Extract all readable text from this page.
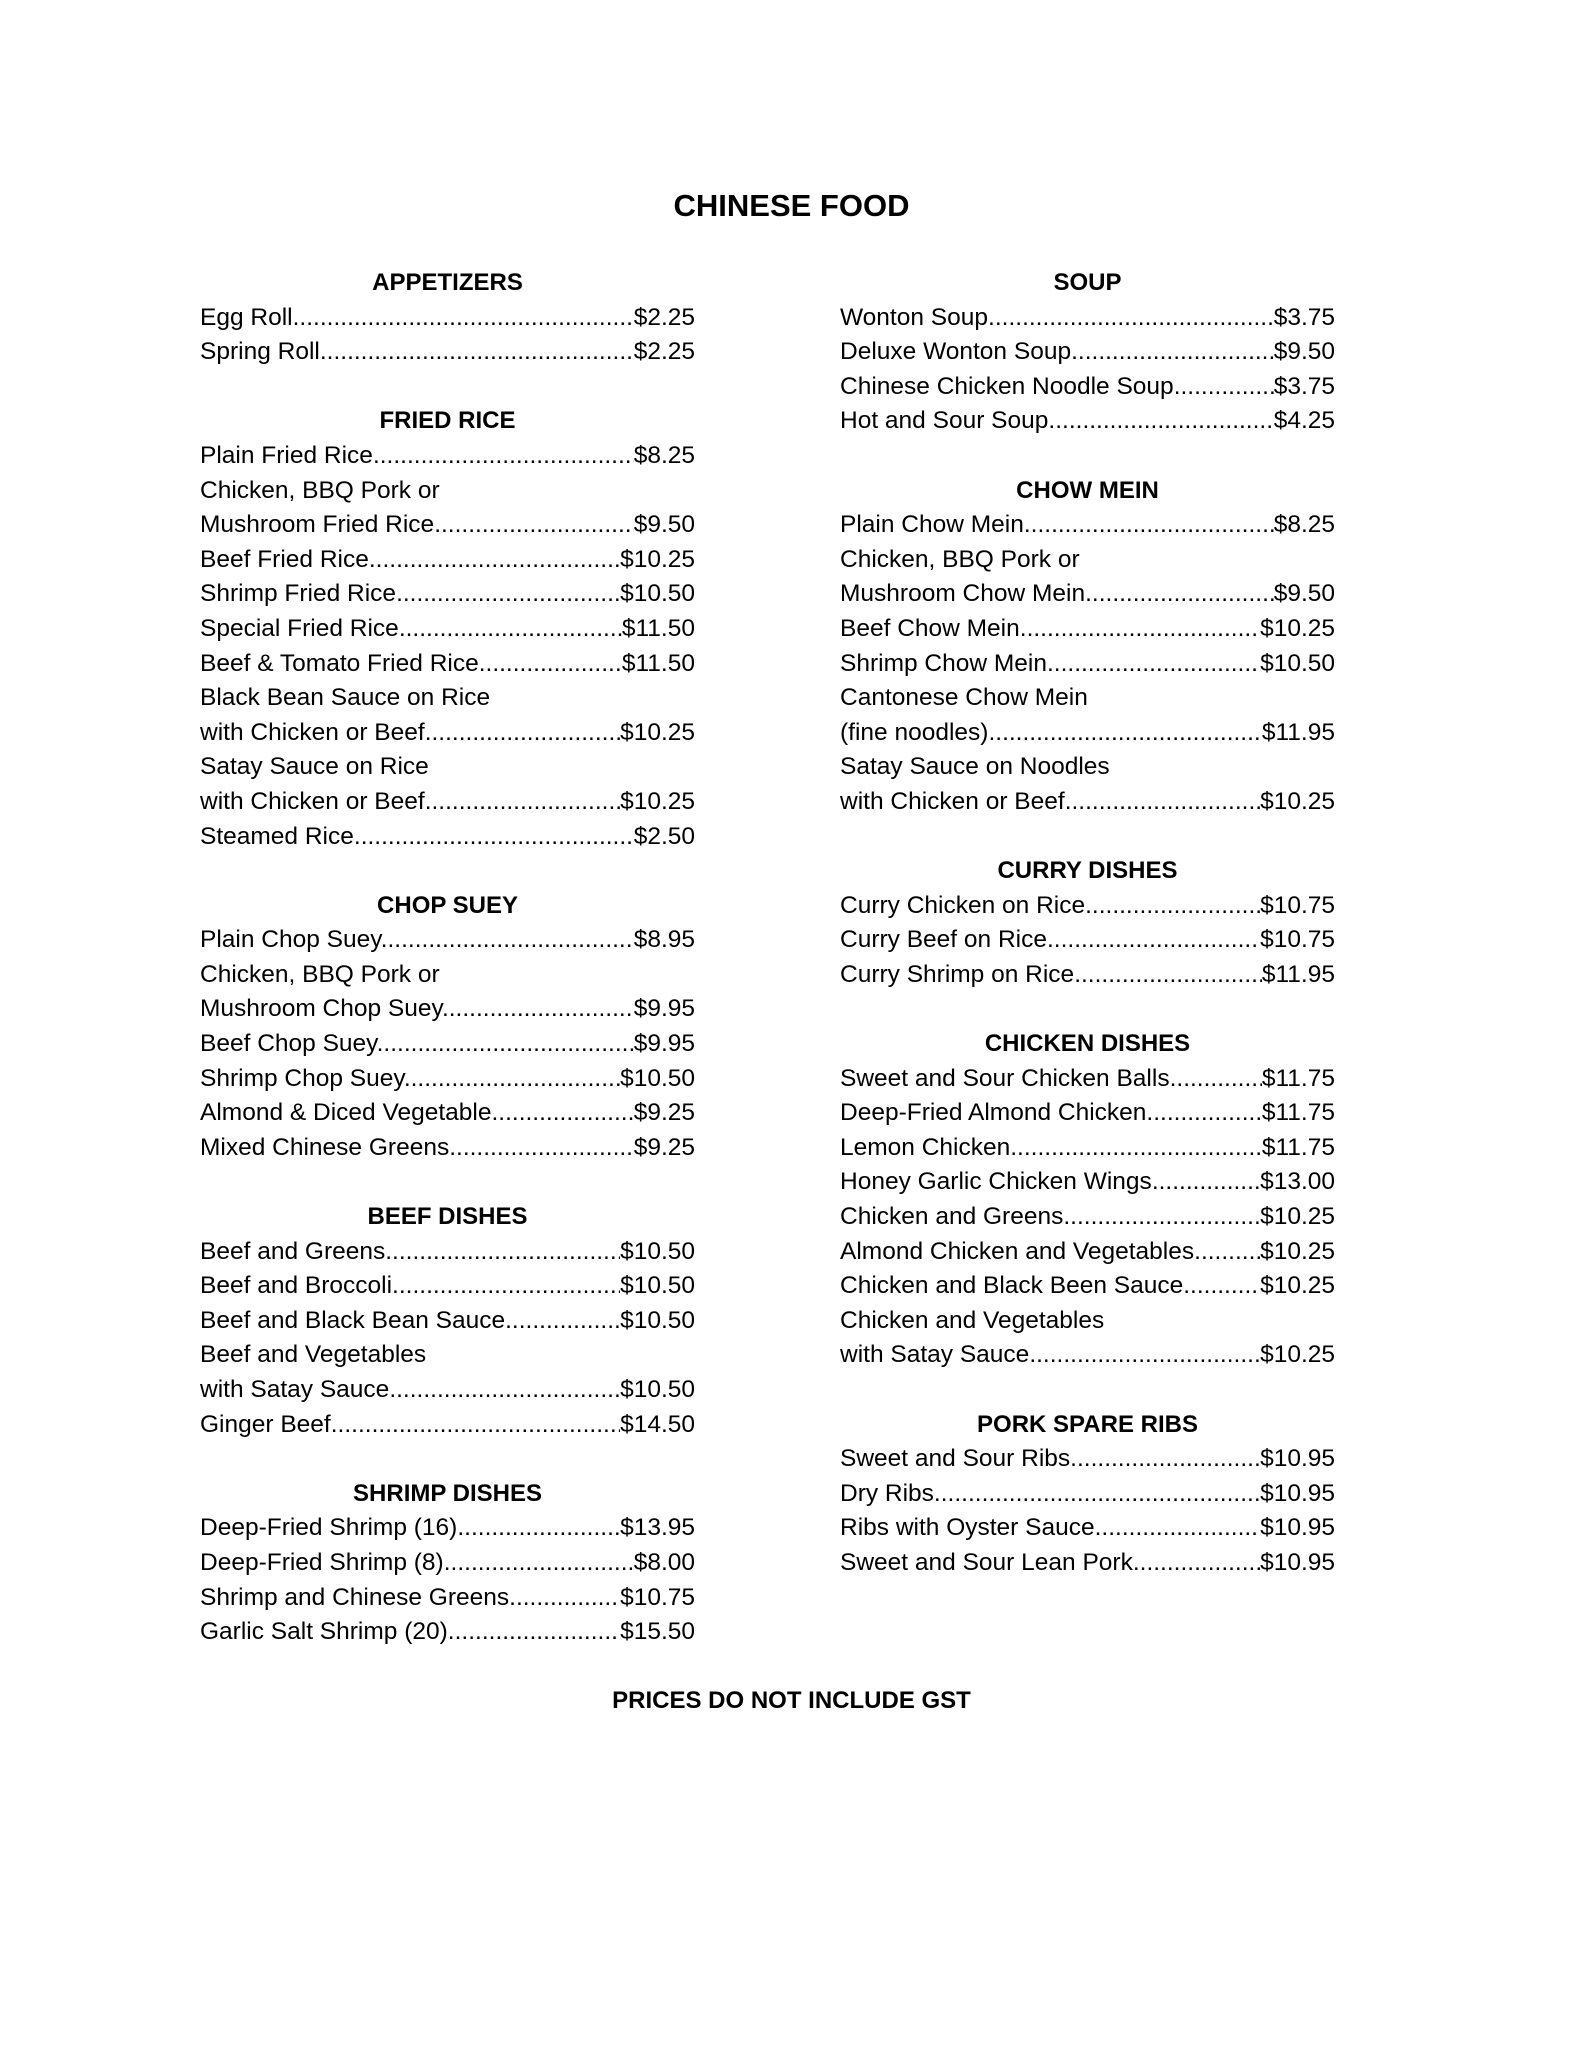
CHINESE FOOD
APPETIZERS
Egg Roll .....	$2.25
Spring Roll .....	$2.25
FRIED RICE
Plain Fried Rice .....	$8.25
Chicken, BBQ Pork or
Mushroom Fried Rice .....	$9.50
Beef Fried Rice .....	$10.25
Shrimp Fried Rice .....	$10.50
Special Fried Rice .....	$11.50
Beef & Tomato Fried Rice .....	$11.50
Black Bean Sauce on Rice
with Chicken or Beef .....	$10.25
Satay Sauce on Rice
with Chicken or Beef .....	$10.25
Steamed Rice .....	$2.50
CHOP SUEY
Plain Chop Suey .....	$8.95
Chicken, BBQ Pork or
Mushroom Chop Suey .....	$9.95
Beef Chop Suey .....	$9.95
Shrimp Chop Suey .....	$10.50
Almond & Diced Vegetable .....	$9.25
Mixed Chinese Greens .....	$9.25
BEEF DISHES
Beef and Greens .....	$10.50
Beef and Broccoli .....	$10.50
Beef and Black Bean Sauce .....	$10.50
Beef and Vegetables
with Satay Sauce .....	$10.50
Ginger Beef .....	$14.50
SHRIMP DISHES
Deep-Fried Shrimp (16) .....	$13.95
Deep-Fried Shrimp (8) .....	$8.00
Shrimp and Chinese Greens .....	$10.75
Garlic Salt Shrimp (20) .....	$15.50
SOUP
Wonton Soup .....	$3.75
Deluxe Wonton Soup .....	$9.50
Chinese Chicken Noodle Soup .....	$3.75
Hot and Sour Soup .....	$4.25
CHOW MEIN
Plain Chow Mein .....	$8.25
Chicken, BBQ Pork or
Mushroom Chow Mein .....	$9.50
Beef Chow Mein .....	$10.25
Shrimp Chow Mein .....	$10.50
Cantonese Chow Mein
(fine noodles) .....	$11.95
Satay Sauce on Noodles
with Chicken or Beef .....	$10.25
CURRY DISHES
Curry Chicken on Rice .....	$10.75
Curry Beef on Rice .....	$10.75
Curry Shrimp on Rice .....	$11.95
CHICKEN DISHES
Sweet and Sour Chicken Balls .....	$11.75
Deep-Fried Almond Chicken .....	$11.75
Lemon Chicken .....	$11.75
Honey Garlic Chicken Wings .....	$13.00
Chicken and Greens .....	$10.25
Almond Chicken and Vegetables .....	$10.25
Chicken and Black Been Sauce .....	$10.25
Chicken and Vegetables
with Satay Sauce .....	$10.25
PORK SPARE RIBS
Sweet and Sour Ribs .....	$10.95
Dry Ribs .....	$10.95
Ribs with Oyster Sauce .....	$10.95
Sweet and Sour Lean Pork .....	$10.95

PRICES DO NOT INCLUDE GST
